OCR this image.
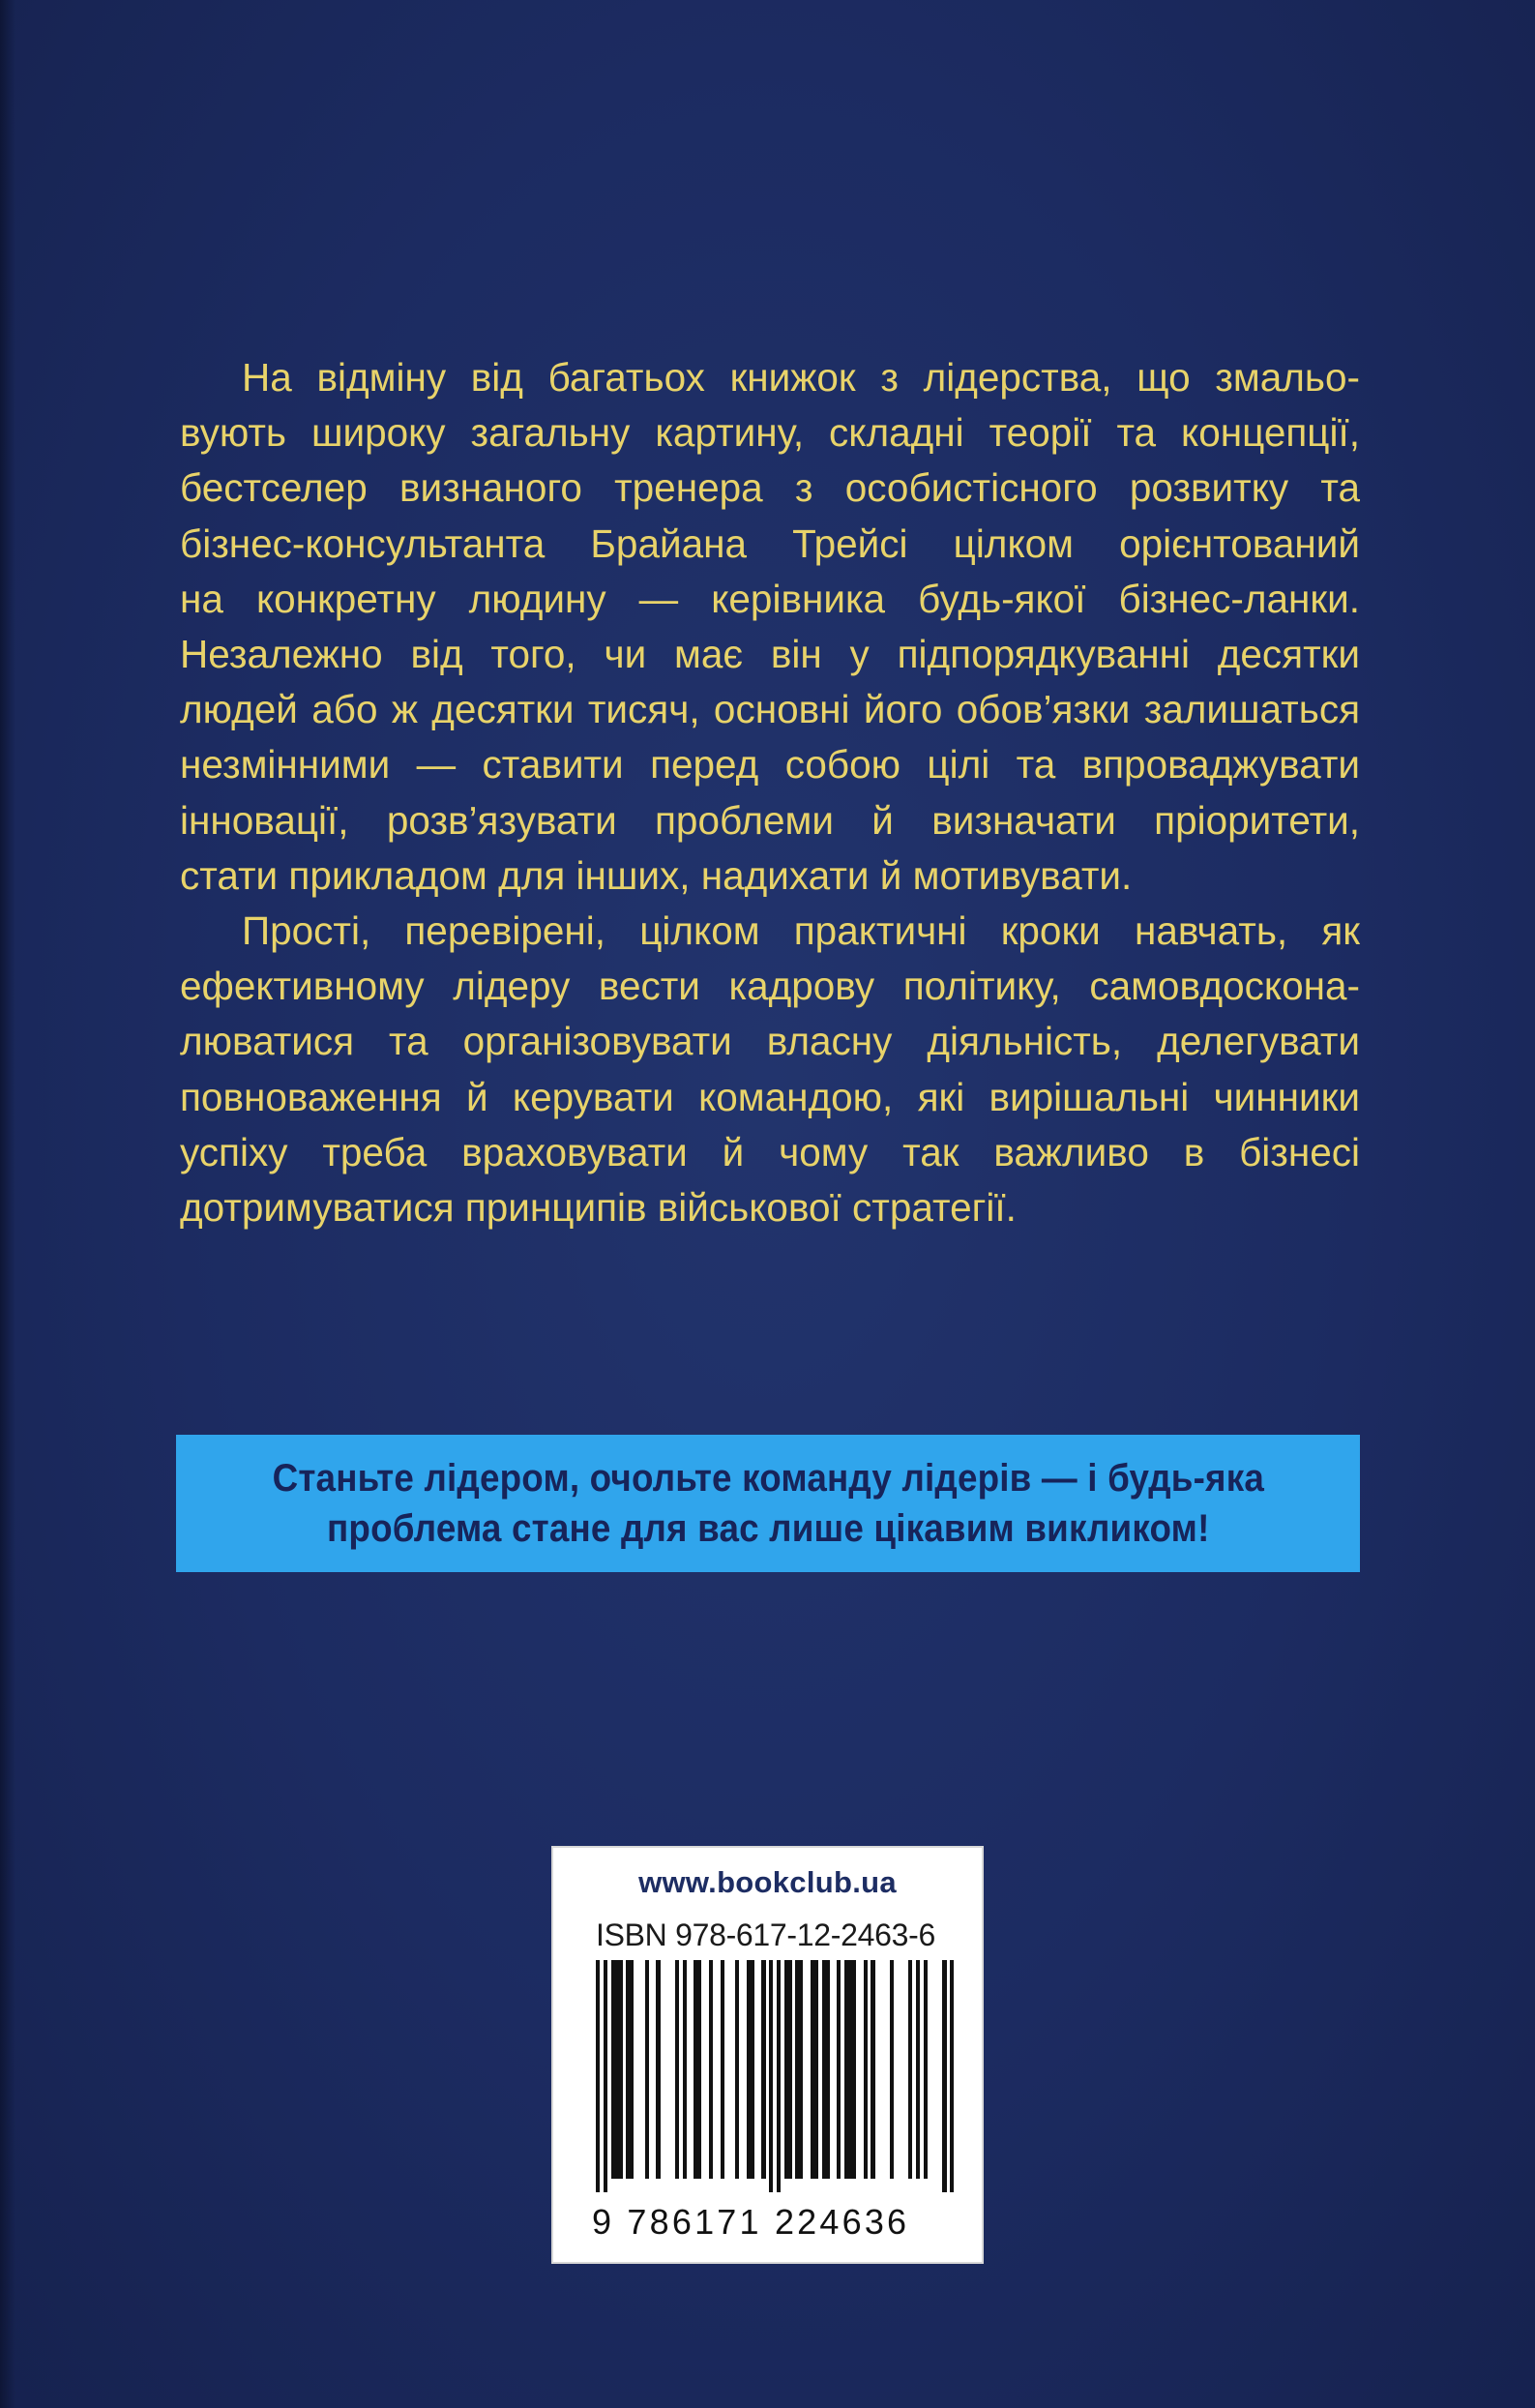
На відміну від багатьох книжок з лідерства, що змальо-
вують широку загальну картину, складні теорії та концепції,
бестселер визнаного тренера з особистісного розвитку та
бізнес-консультанта Брайана Трейсі цілком орієнтований
на конкретну людину — керівника будь-якої бізнес-ланки.
Незалежно від того, чи має він у підпорядкуванні десятки
людей або ж десятки тисяч, основні його обов’язки залишаться
незмінними — ставити перед собою цілі та впроваджувати
інновації, розв’язувати проблеми й визначати пріоритети,
стати прикладом для інших, надихати й мотивувати.

Прості, перевірені, цілком практичні кроки навчать, як
ефективному лідеру вести кадрову політику, самовдоскона-
люватися та організовувати власну діяльність, делегувати
повноваження й керувати командою, які вирішальні чинники
успіху треба враховувати й чому так важливо в бізнесі
дотримуватися принципів військової стратегії.

Станьте лідером, очольте команду лідерів — і будь-яка
проблема стане для вас лише цікавим викликом!
www.bookclub.ua
ISBN 978-617-12-2463-6
9 786171 224636
